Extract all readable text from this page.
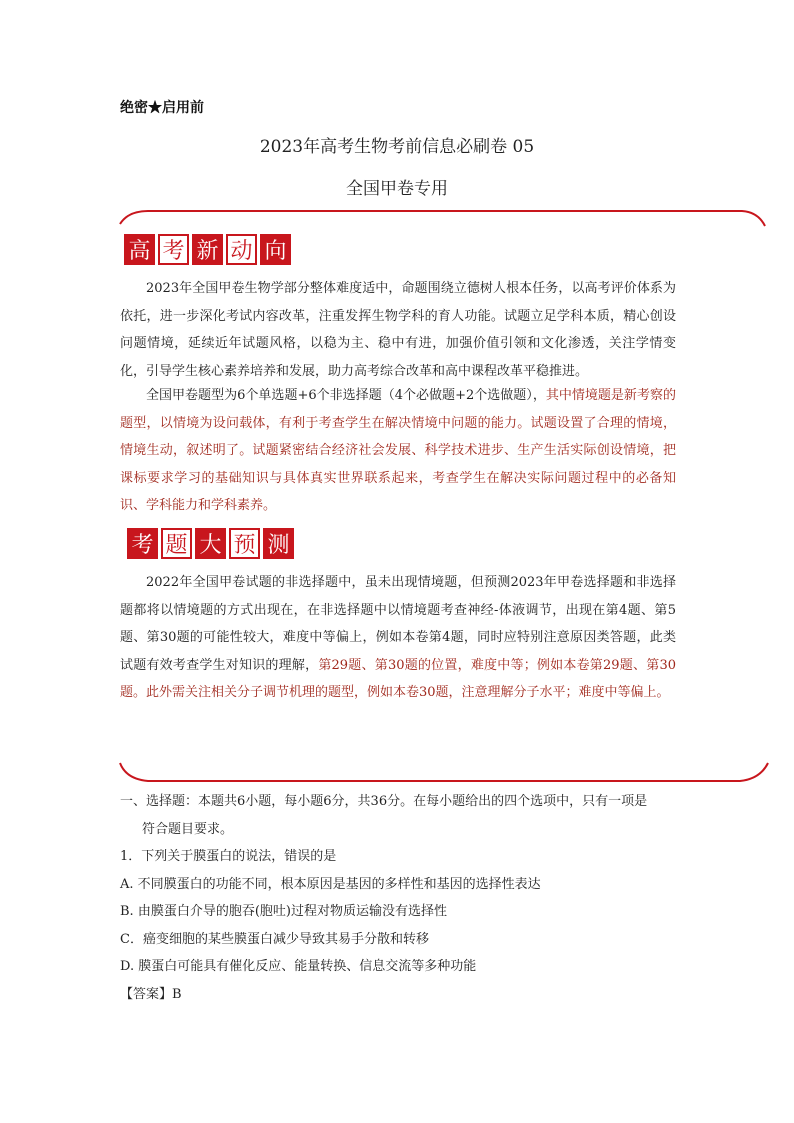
绝密★启用前
2023年高考生物考前信息必刷卷 05
全国甲卷专用
高 考 新 动 向

2023年全国甲卷生物学部分整体难度适中，命题围绕立德树人根本任务，以高考评价体系为依托，进一步深化考试内容改革，注重发挥生物学科的育人功能。试题立足学科本质，精心创设问题情境，延续近年试题风格，以稳为主、稳中有进，加强价值引领和文化渗透，关注学情变化，引导学生核心素养培养和发展，助力高考综合改革和高中课程改革平稳推进。

全国甲卷题型为6个单选题+6个非选择题（4个必做题+2个选做题），其中情境题是新考察的题型，以情境为设问载体，有利于考查学生在解决情境中问题的能力。试题设置了合理的情境，情境生动，叙述明了。试题紧密结合经济社会发展、科学技术进步、生产生活实际创设情境，把课标要求学习的基础知识与具体真实世界联系起来，考查学生在解决实际问题过程中的必备知识、学科能力和学科素养。

考 题 大 预 测

2022年全国甲卷试题的非选择题中，虽未出现情境题，但预测2023年甲卷选择题和非选择题都将以情境题的方式出现在，在非选择题中以情境题考查神经-体液调节，出现在第4题、第5题、第30题的可能性较大，难度中等偏上，例如本卷第4题，同时应特别注意原因类答题，此类试题有效考查学生对知识的理解，第29题、第30题的位置，难度中等；例如本卷第29题、第30题。此外需关注相关分子调节机理的题型，例如本卷30题，注意理解分子水平；难度中等偏上。

一、选择题：本题共6小题，每小题6分，共36分。在每小题给出的四个选项中，只有一项是
符合题目要求。
1．下列关于膜蛋白的说法，错误的是
A. 不同膜蛋白的功能不同，根本原因是基因的多样性和基因的选择性表达
B. 由膜蛋白介导的胞吞(胞吐)过程对物质运输没有选择性
C．癌变细胞的某些膜蛋白减少导致其易手分散和转移
D. 膜蛋白可能具有催化反应、能量转换、信息交流等多种功能
【答案】B
